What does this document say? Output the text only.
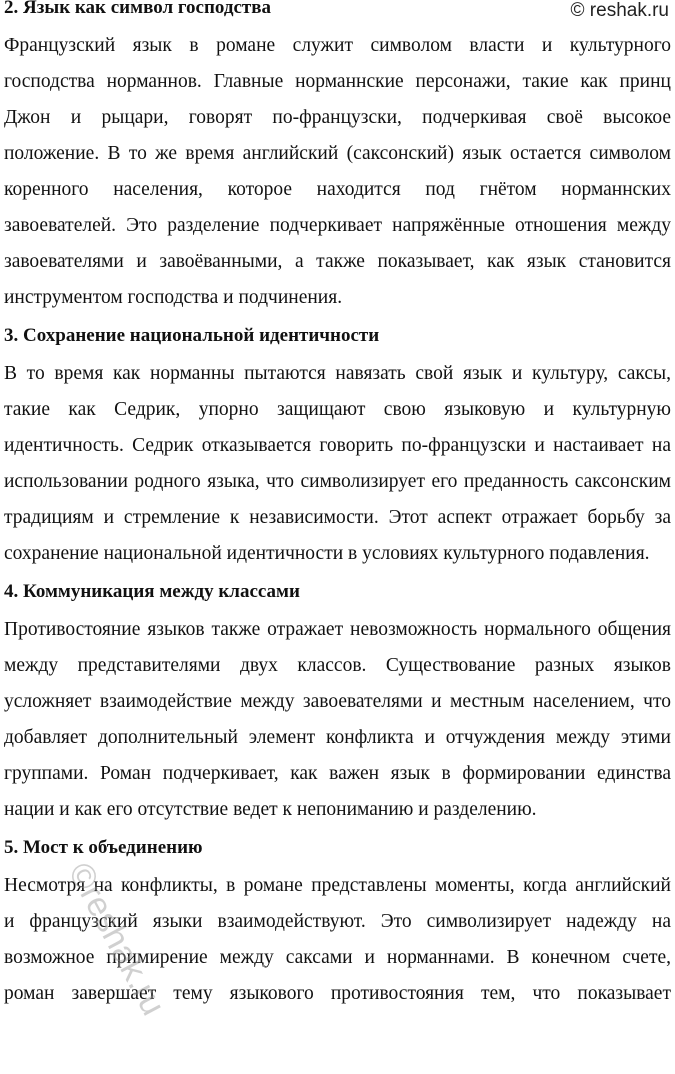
2. Язык как символ господства
Французский язык в романе служит символом власти и культурного
господства норманнов. Главные норманнские персонажи, такие как принц
Джон и рыцари, говорят по-французски, подчеркивая своё высокое
положение. В то же время английский (саксонский) язык остается символом
коренного населения, которое находится под гнётом норманнских
завоевателей. Это разделение подчеркивает напряжённые отношения между
завоевателями и завоёванными, а также показывает, как язык становится
инструментом господства и подчинения.
3. Сохранение национальной идентичности
В то время как норманны пытаются навязать свой язык и культуру, саксы,
такие как Седрик, упорно защищают свою языковую и культурную
идентичность. Седрик отказывается говорить по-французски и настаивает на
использовании родного языка, что символизирует его преданность саксонским
традициям и стремление к независимости. Этот аспект отражает борьбу за
сохранение национальной идентичности в условиях культурного подавления.
4. Коммуникация между классами
Противостояние языков также отражает невозможность нормального общения
между представителями двух классов. Существование разных языков
усложняет взаимодействие между завоевателями и местным населением, что
добавляет дополнительный элемент конфликта и отчуждения между этими
группами. Роман подчеркивает, как важен язык в формировании единства
нации и как его отсутствие ведет к непониманию и разделению.
5. Мост к объединению
Несмотря на конфликты, в романе представлены моменты, когда английский
и французский языки взаимодействуют. Это символизирует надежду на
возможное примирение между саксами и норманнами. В конечном счете,
роман завершает тему языкового противостояния тем, что показывает
© reshak.ru
©reshak.ru
